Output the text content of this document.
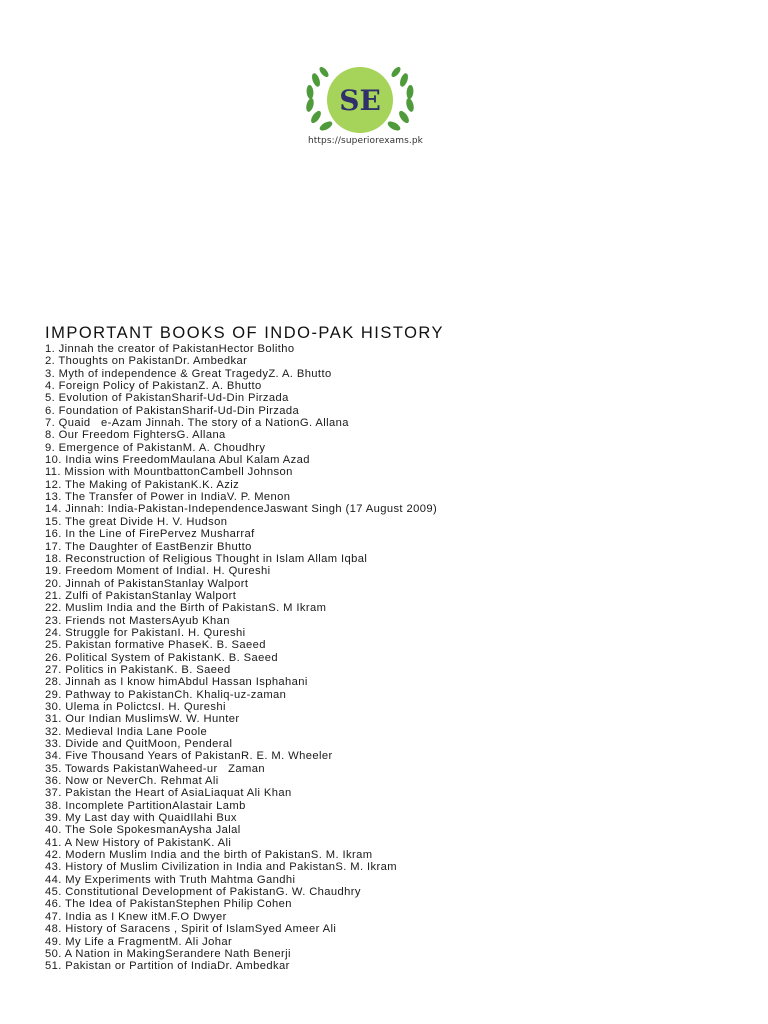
SE
https://superiorexams.pk
IMPORTANT BOOKS OF INDO-PAK HISTORY
1. Jinnah the creator of PakistanHector Bolitho
2. Thoughts on PakistanDr. Ambedkar
3. Myth of independence & Great TragedyZ. A. Bhutto
4. Foreign Policy of PakistanZ. A. Bhutto
5. Evolution of PakistanSharif-Ud-Din Pirzada
6. Foundation of PakistanSharif-Ud-Din Pirzada
7. Quaid   e-Azam Jinnah. The story of a NationG. Allana
8. Our Freedom FightersG. Allana
9. Emergence of PakistanM. A. Choudhry
10. India wins FreedomMaulana Abul Kalam Azad
11. Mission with MountbattonCambell Johnson
12. The Making of PakistanK.K. Aziz
13. The Transfer of Power in IndiaV. P. Menon
14. Jinnah: India-Pakistan-IndependenceJaswant Singh (17 August 2009)
15. The great Divide H. V. Hudson
16. In the Line of FirePervez Musharraf
17. The Daughter of EastBenzir Bhutto
18. Reconstruction of Religious Thought in Islam Allam Iqbal
19. Freedom Moment of IndiaI. H. Qureshi
20. Jinnah of PakistanStanlay Walport
21. Zulfi of PakistanStanlay Walport
22. Muslim India and the Birth of PakistanS. M Ikram
23. Friends not MastersAyub Khan
24. Struggle for PakistanI. H. Qureshi
25. Pakistan formative PhaseK. B. Saeed
26. Political System of PakistanK. B. Saeed
27. Politics in PakistanK. B. Saeed
28. Jinnah as I know himAbdul Hassan Isphahani
29. Pathway to PakistanCh. Khaliq-uz-zaman
30. Ulema in PolictcsI. H. Qureshi
31. Our Indian MuslimsW. W. Hunter
32. Medieval India Lane Poole
33. Divide and QuitMoon, Penderal
34. Five Thousand Years of PakistanR. E. M. Wheeler
35. Towards PakistanWaheed-ur   Zaman
36. Now or NeverCh. Rehmat Ali
37. Pakistan the Heart of AsiaLiaquat Ali Khan
38. Incomplete PartitionAlastair Lamb
39. My Last day with QuaidIlahi Bux
40. The Sole SpokesmanAysha Jalal
41. A New History of PakistanK. Ali
42. Modern Muslim India and the birth of PakistanS. M. Ikram
43. History of Muslim Civilization in India and PakistanS. M. Ikram
44. My Experiments with Truth Mahtma Gandhi
45. Constitutional Development of PakistanG. W. Chaudhry
46. The Idea of PakistanStephen Philip Cohen
47. India as I Knew itM.F.O Dwyer
48. History of Saracens , Spirit of IslamSyed Ameer Ali
49. My Life a FragmentM. Ali Johar
50. A Nation in MakingSerandere Nath Benerji
51. Pakistan or Partition of IndiaDr. Ambedkar
